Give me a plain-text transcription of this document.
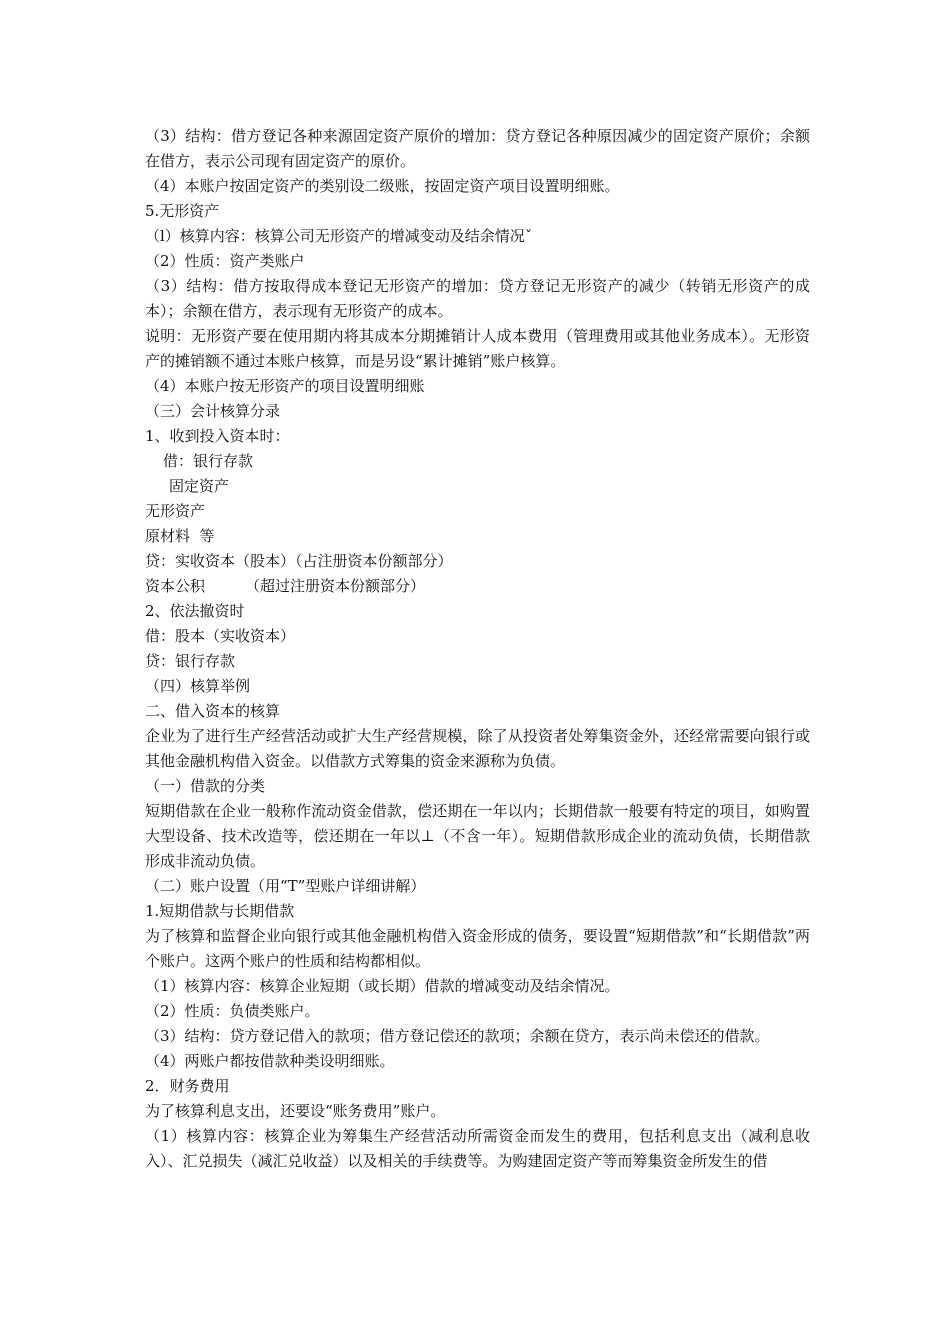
（3）结构：借方登记各种来源固定资产原价的增加：贷方登记各种原因减少的固定资产原价；余额在借方，表示公司现有固定资产的原价。

（4）本账户按固定资产的类别设二级账，按固定资产项目设置明细账。

5.无形资产

（l）核算内容：核算公司无形资产的增减变动及结余情况ˇ

（2）性质：资产类账户

（3）结构：借方按取得成本登记无形资产的增加：贷方登记无形资产的减少（转销无形资产的成本）；余额在借方，表示现有无形资产的成本。

说明：无形资产要在使用期内将其成本分期摊销计人成本费用（管理费用或其他业务成本）。无形资产的摊销额不通过本账户核算，而是另设“累计摊销”账户核算。

（4）本账户按无形资产的项目设置明细账

（三）会计核算分录

1、收到投入资本时：

借：银行存款

固定资产

无形资产

原材料  等

贷：实收资本（股本）（占注册资本份额部分）

资本公积	（超过注册资本份额部分）

2、依法撤资时

借：股本（实收资本）

贷：银行存款

（四）核算举例

二、借入资本的核算

企业为了进行生产经营活动或扩大生产经营规模，除了从投资者处筹集资金外，还经常需要向银行或其他金融机构借入资金。以借款方式筹集的资金来源称为负债。

（一）借款的分类

短期借款在企业一般称作流动资金借款，偿还期在一年以内；长期借款一般要有特定的项目，如购置大型设备、技术改造等，偿还期在一年以⊥（不含一年）。短期借款形成企业的流动负债，长期借款形成非流动负债。

（二）账户设置（用“T”型账户详细讲解）

1.短期借款与长期借款

为了核算和监督企业向银行或其他金融机构借入资金形成的债务，要设置“短期借款”和“长期借款”两个账户。这两个账户的性质和结构都相似。

（1）核算内容：核算企业短期（或长期）借款的增减变动及结余情况。

（2）性质：负债类账户。

（3）结构：贷方登记借入的款项；借方登记偿还的款项；余额在贷方，表示尚未偿还的借款。

（4）两账户都按借款种类设明细账。

2．财务费用

为了核算利息支出，还要设“账务费用”账户。

（1）核算内容：核算企业为筹集生产经营活动所需资金而发生的费用，包括利息支出（减利息收入）、汇兑损失（减汇兑收益）以及相关的手续费等。为购建固定资产等而筹集资金所发生的借
